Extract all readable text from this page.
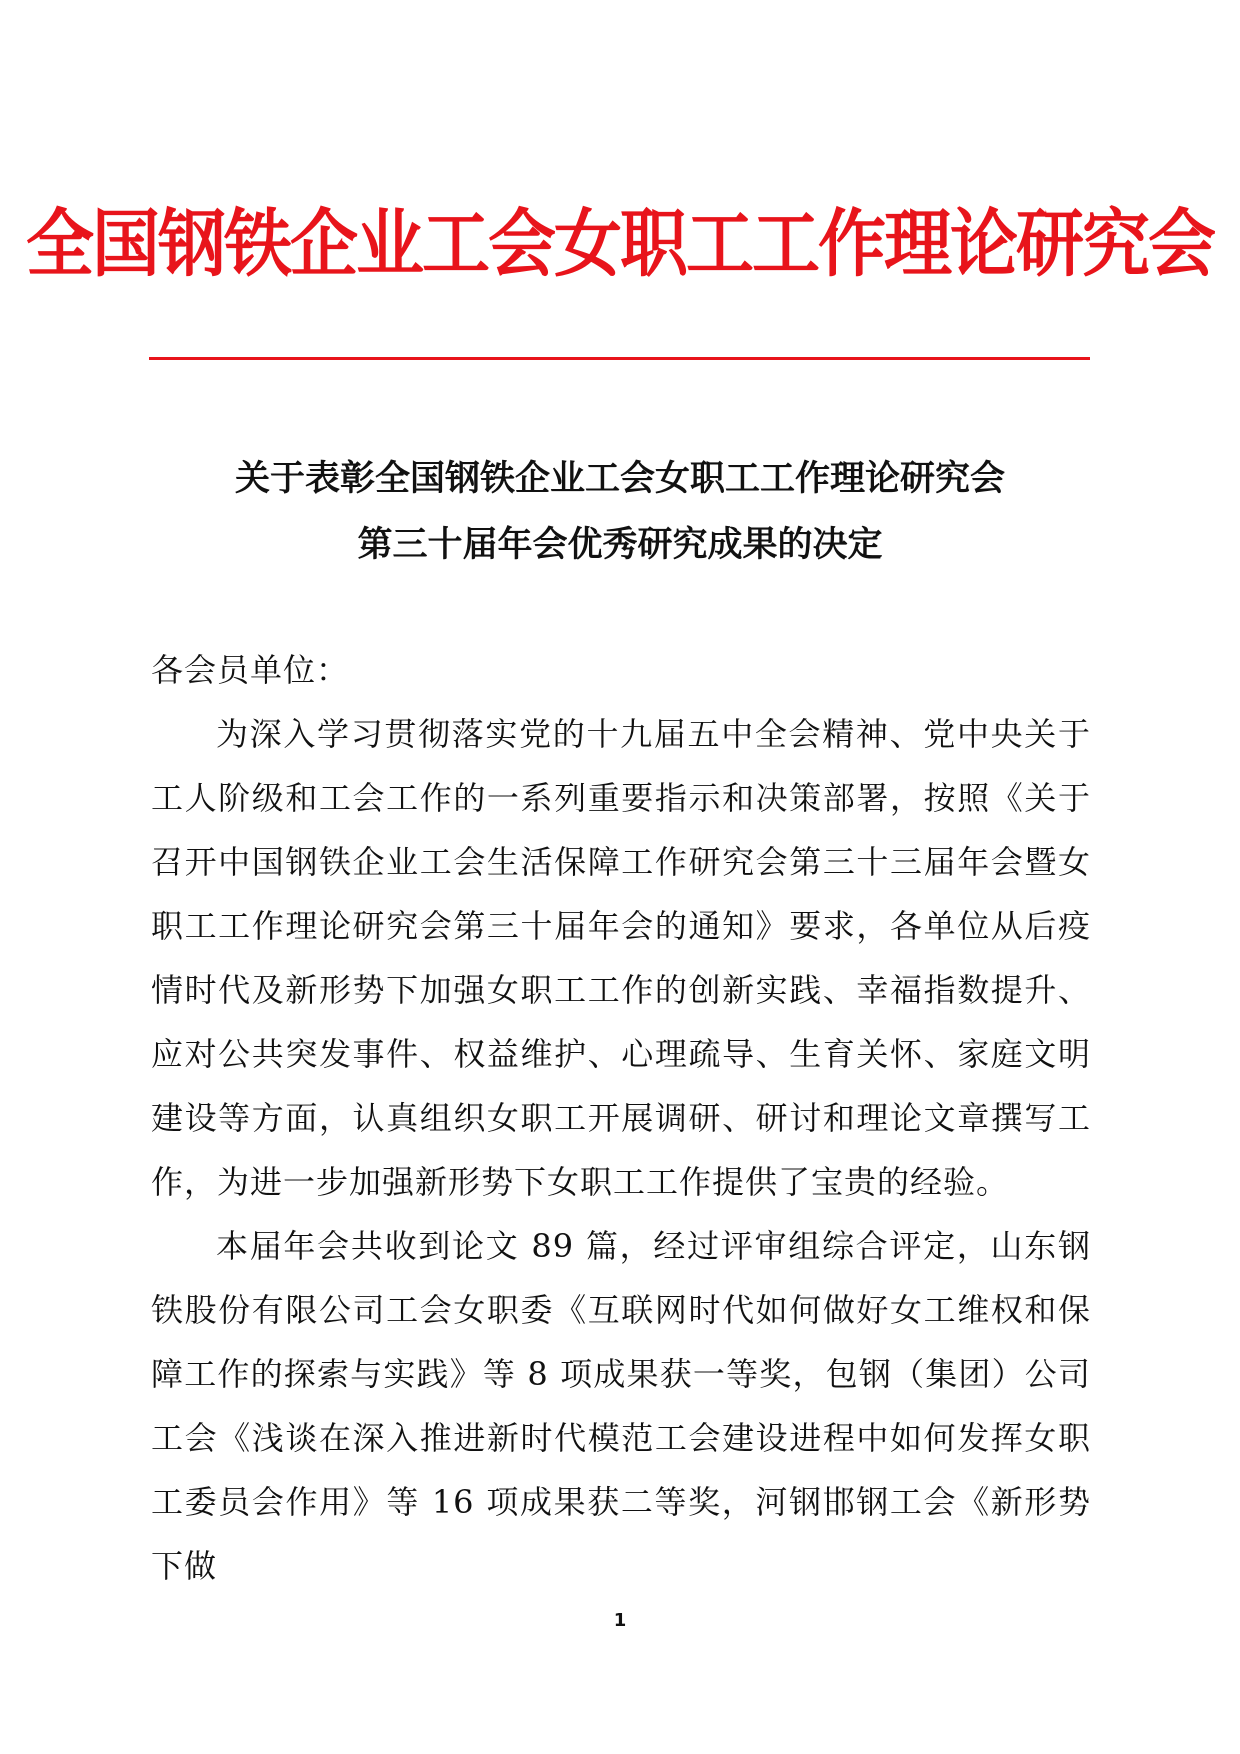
全国钢铁企业工会女职工工作理论研究会
关于表彰全国钢铁企业工会女职工工作理论研究会
第三十届年会优秀研究成果的决定

各会员单位：

为深入学习贯彻落实党的十九届五中全会精神、党中央关于工人阶级和工会工作的一系列重要指示和决策部署，按照《关于召开中国钢铁企业工会生活保障工作研究会第三十三届年会暨女职工工作理论研究会第三十届年会的通知》要求，各单位从后疫情时代及新形势下加强女职工工作的创新实践、幸福指数提升、应对公共突发事件、权益维护、心理疏导、生育关怀、家庭文明建设等方面，认真组织女职工开展调研、研讨和理论文章撰写工作，为进一步加强新形势下女职工工作提供了宝贵的经验。

本届年会共收到论文 89 篇，经过评审组综合评定，山东钢铁股份有限公司工会女职委《互联网时代如何做好女工维权和保障工作的探索与实践》等 8 项成果获一等奖，包钢（集团）公司工会《浅谈在深入推进新时代模范工会建设进程中如何发挥女职工委员会作用》等 16 项成果获二等奖，河钢邯钢工会《新形势下做

1
